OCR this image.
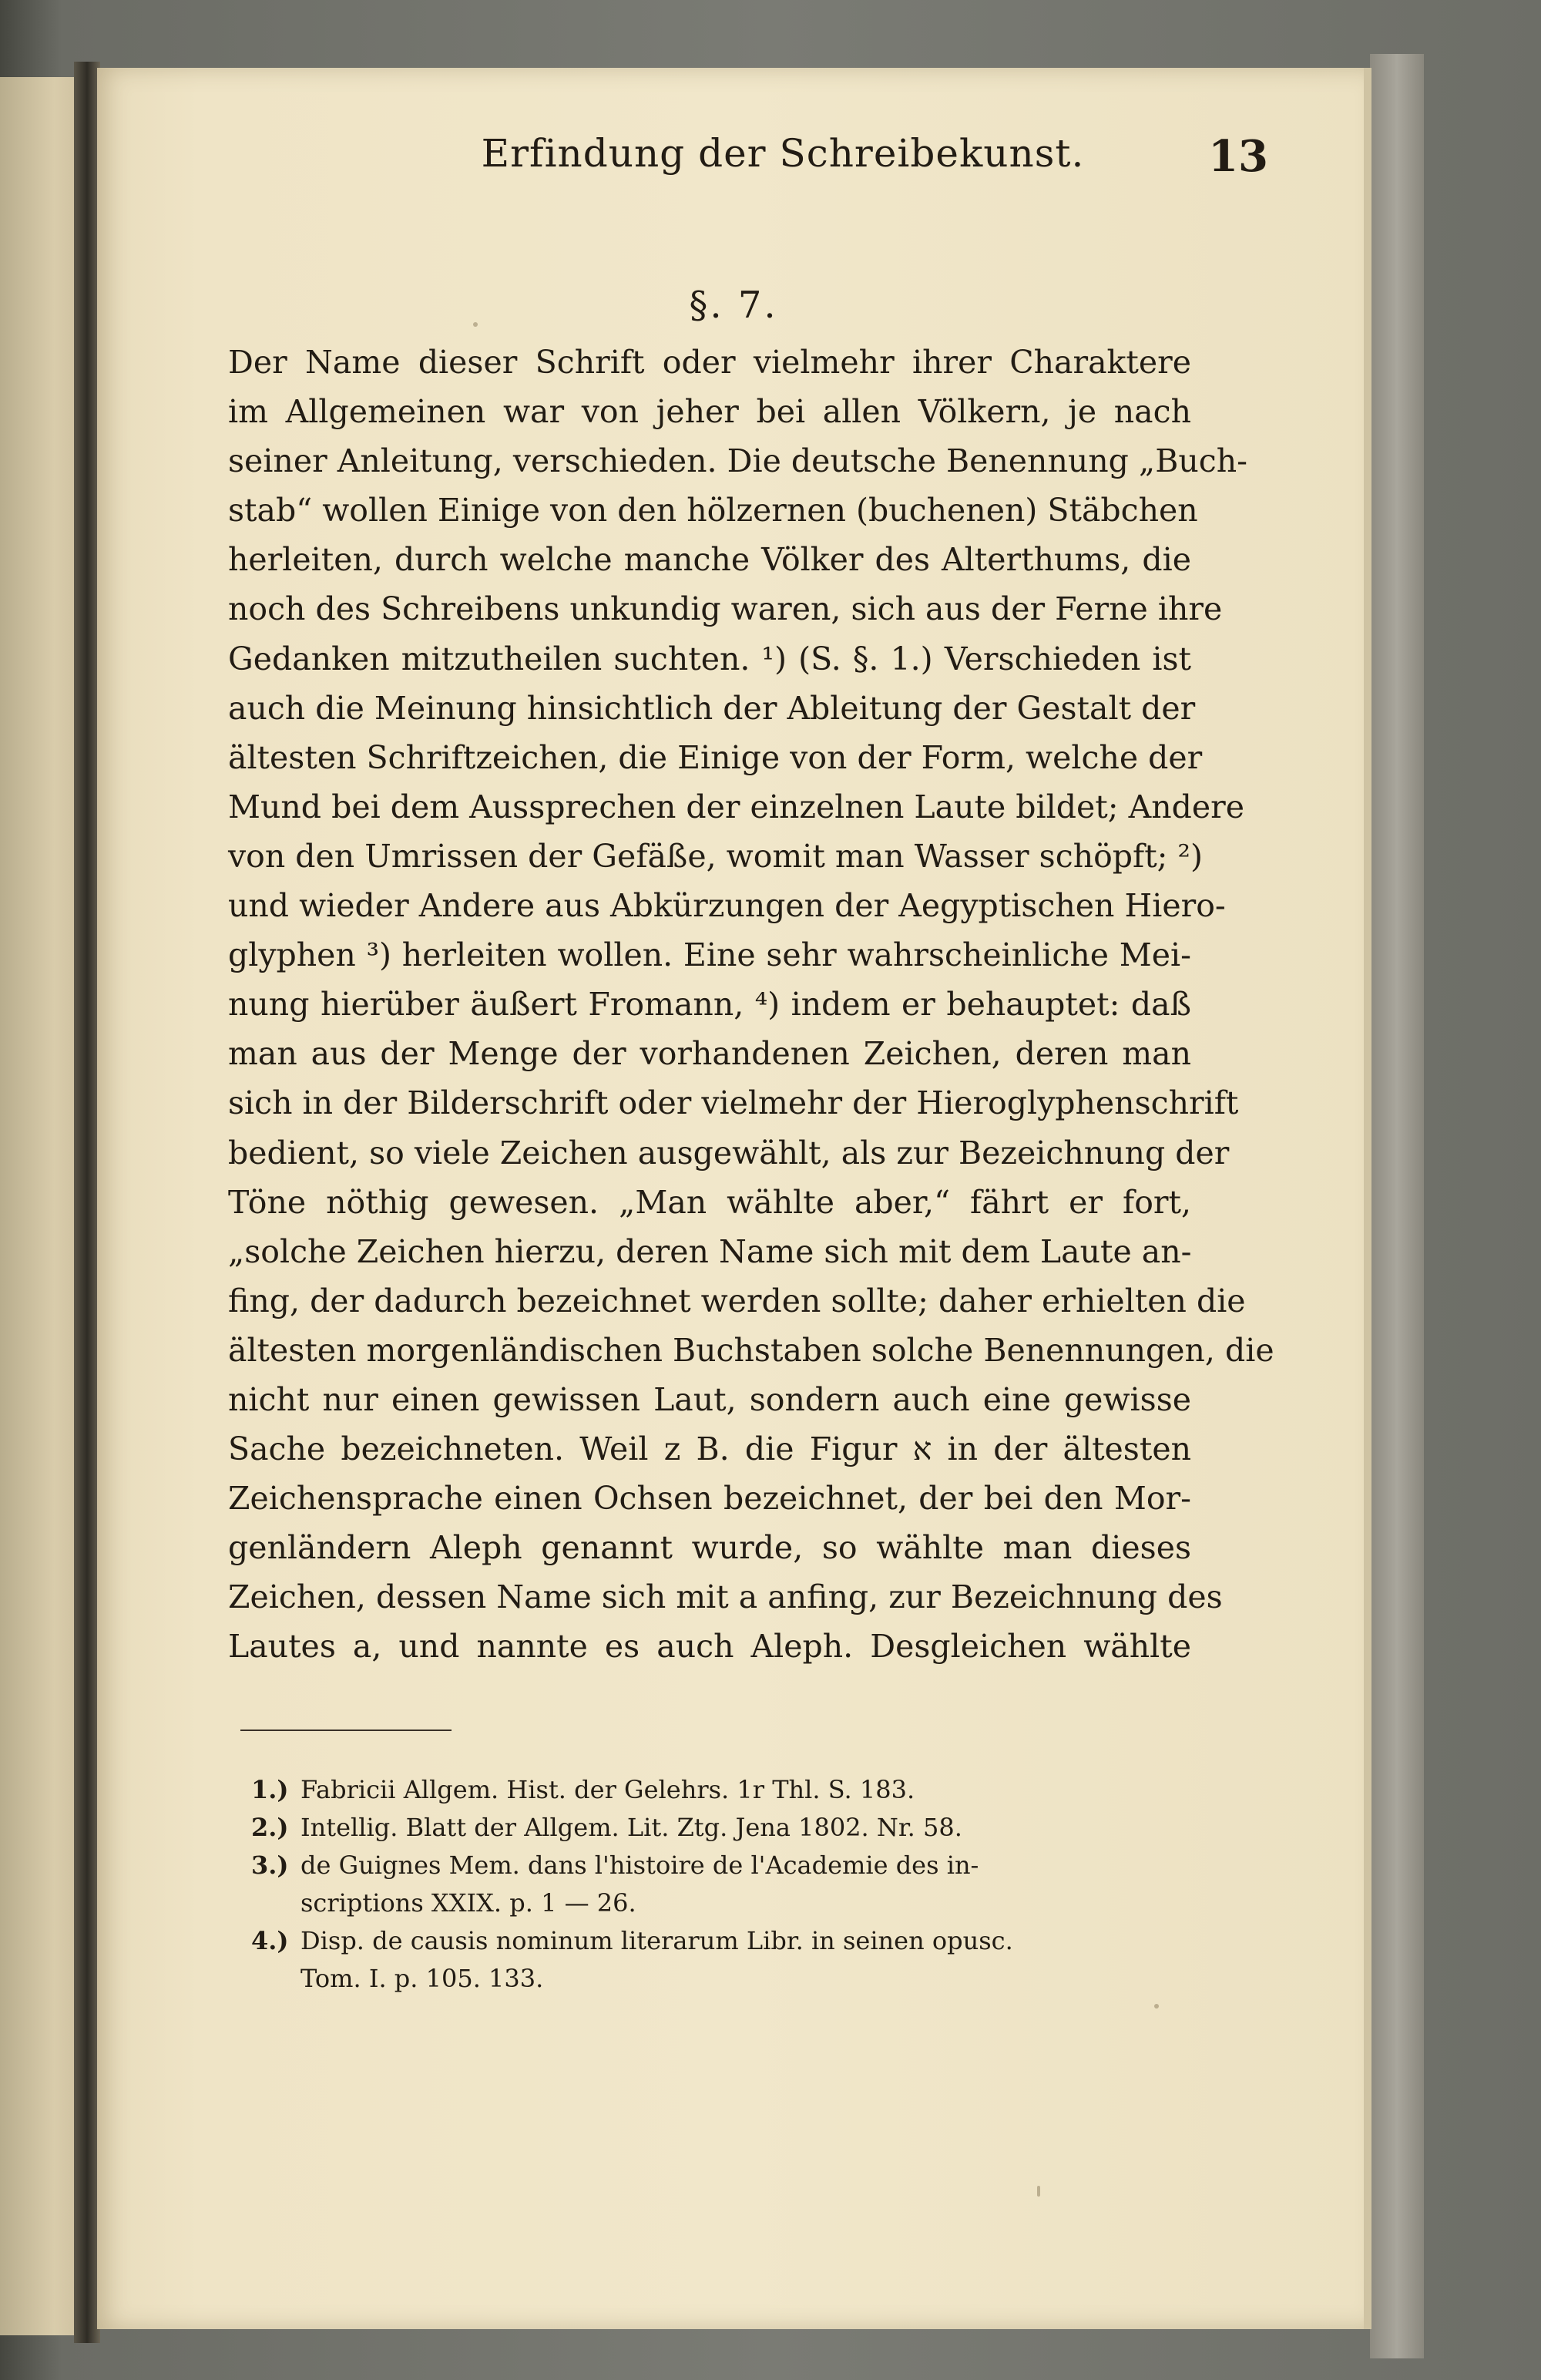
Erfindung der Schreibekunst.	13
§. 7.
Der Name dieser Schrift oder vielmehr ihrer Charaktere
im Allgemeinen war von jeher bei allen Völkern, je nach
seiner Anleitung, verschieden. Die deutsche Benennung „Buch-
stab“ wollen Einige von den hölzernen (buchenen) Stäbchen
herleiten, durch welche manche Völker des Alterthums, die
noch des Schreibens unkundig waren, sich aus der Ferne ihre
Gedanken mitzutheilen suchten. ¹) (S. §. 1.) Verschieden ist
auch die Meinung hinsichtlich der Ableitung der Gestalt der
ältesten Schriftzeichen, die Einige von der Form, welche der
Mund bei dem Aussprechen der einzelnen Laute bildet; Andere
von den Umrissen der Gefäße, womit man Wasser schöpft; ²)
und wieder Andere aus Abkürzungen der Aegyptischen Hiero-
glyphen ³) herleiten wollen. Eine sehr wahrscheinliche Mei-
nung hierüber äußert Fromann, ⁴) indem er behauptet: daß
man aus der Menge der vorhandenen Zeichen, deren man
sich in der Bilderschrift oder vielmehr der Hieroglyphenschrift
bedient, so viele Zeichen ausgewählt, als zur Bezeichnung der
Töne nöthig gewesen. „Man wählte aber,“ fährt er fort,
„solche Zeichen hierzu, deren Name sich mit dem Laute an-
fing, der dadurch bezeichnet werden sollte; daher erhielten die
ältesten morgenländischen Buchstaben solche Benennungen, die
nicht nur einen gewissen Laut, sondern auch eine gewisse
Sache bezeichneten. Weil z B. die Figur א in der ältesten
Zeichensprache einen Ochsen bezeichnet, der bei den Mor-
genländern Aleph genannt wurde, so wählte man dieses
Zeichen, dessen Name sich mit a anfing, zur Bezeichnung des
Lautes a, und nannte es auch Aleph. Desgleichen wählte
1.) Fabricii Allgem. Hist. der Gelehrs. 1r Thl. S. 183.
2.) Intellig. Blatt der Allgem. Lit. Ztg. Jena 1802. Nr. 58.
3.) de Guignes Mem. dans l'histoire de l'Academie des in-
scriptions XXIX. p. 1 — 26.
4.) Disp. de causis nominum literarum Libr. in seinen opusc.
Tom. I. p. 105. 133.
